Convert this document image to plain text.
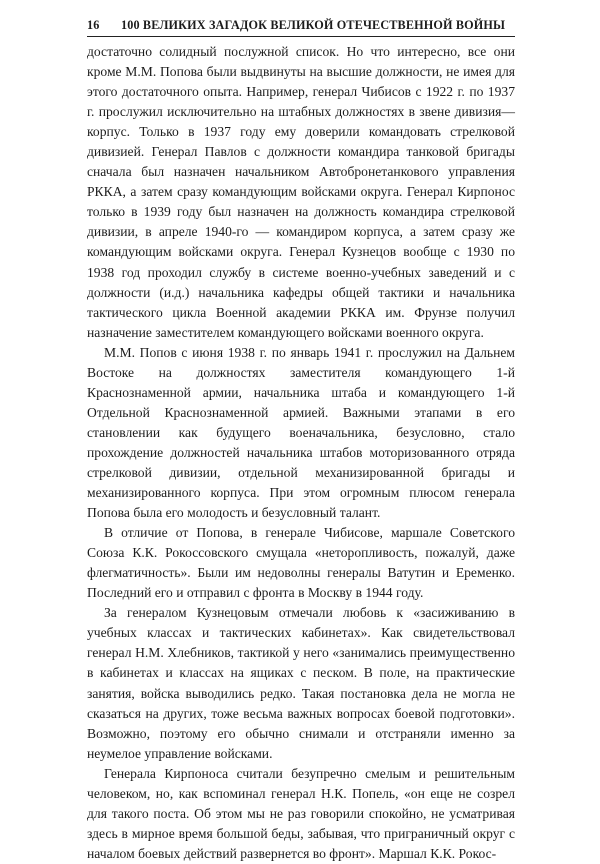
16	100 ВЕЛИКИХ ЗАГАДОК ВЕЛИКОЙ ОТЕЧЕСТВЕННОЙ ВОЙНЫ

достаточно солидный послужной список. Но что интересно, все они кроме М.М. Попова были выдвинуты на высшие должности, не имея для этого достаточного опыта. Например, генерал Чибисов с 1922 г. по 1937 г. прослужил исключительно на штабных должностях в звене дивизия—корпус. Только в 1937 году ему доверили командовать стрелковой дивизией. Генерал Павлов с должности командира танковой бригады сначала был назначен начальником Автобронетанкового управления РККА, а затем сразу командующим войсками округа. Генерал Кирпонос только в 1939 году был назначен на должность командира стрелковой дивизии, в апреле 1940-го — командиром корпуса, а затем сразу же командующим войсками округа. Генерал Кузнецов вообще с 1930 по 1938 год проходил службу в системе военно-учебных заведений и с должности (и.д.) начальника кафедры общей тактики и начальника тактического цикла Военной академии РККА им. Фрунзе получил назначение заместителем командующего войсками военного округа.

М.М. Попов с июня 1938 г. по январь 1941 г. прослужил на Дальнем Востоке на должностях заместителя командующего 1-й Краснознаменной армии, начальника штаба и командующего 1-й Отдельной Краснознаменной армией. Важными этапами в его становлении как будущего военачальника, безусловно, стало прохождение должностей начальника штабов моторизованного отряда стрелковой дивизии, отдельной механизированной бригады и механизированного корпуса. При этом огромным плюсом генерала Попова была его молодость и безусловный талант.

В отличие от Попова, в генерале Чибисове, маршале Советского Союза К.К. Рокоссовского смущала «неторопливость, пожалуй, даже флегматичность». Были им недоволны генералы Ватутин и Еременко. Последний его и отправил с фронта в Москву в 1944 году.

За генералом Кузнецовым отмечали любовь к «засиживанию в учебных классах и тактических кабинетах». Как свидетельствовал генерал Н.М. Хлебников, тактикой у него «занимались преимущественно в кабинетах и классах на ящиках с песком. В поле, на практические занятия, войска выводились редко. Такая постановка дела не могла не сказаться на других, тоже весьма важных вопросах боевой подготовки». Возможно, поэтому его обычно снимали и отстраняли именно за неумелое управление войсками.

Генерала Кирпоноса считали безупречно смелым и решительным человеком, но, как вспоминал генерал Н.К. Попель, «он еще не созрел для такого поста. Об этом мы не раз говорили спокойно, не усматривая здесь в мирное время большой беды, забывая, что приграничный округ с началом боевых действий развернется во фронт». Маршал К.К. Рокос-
